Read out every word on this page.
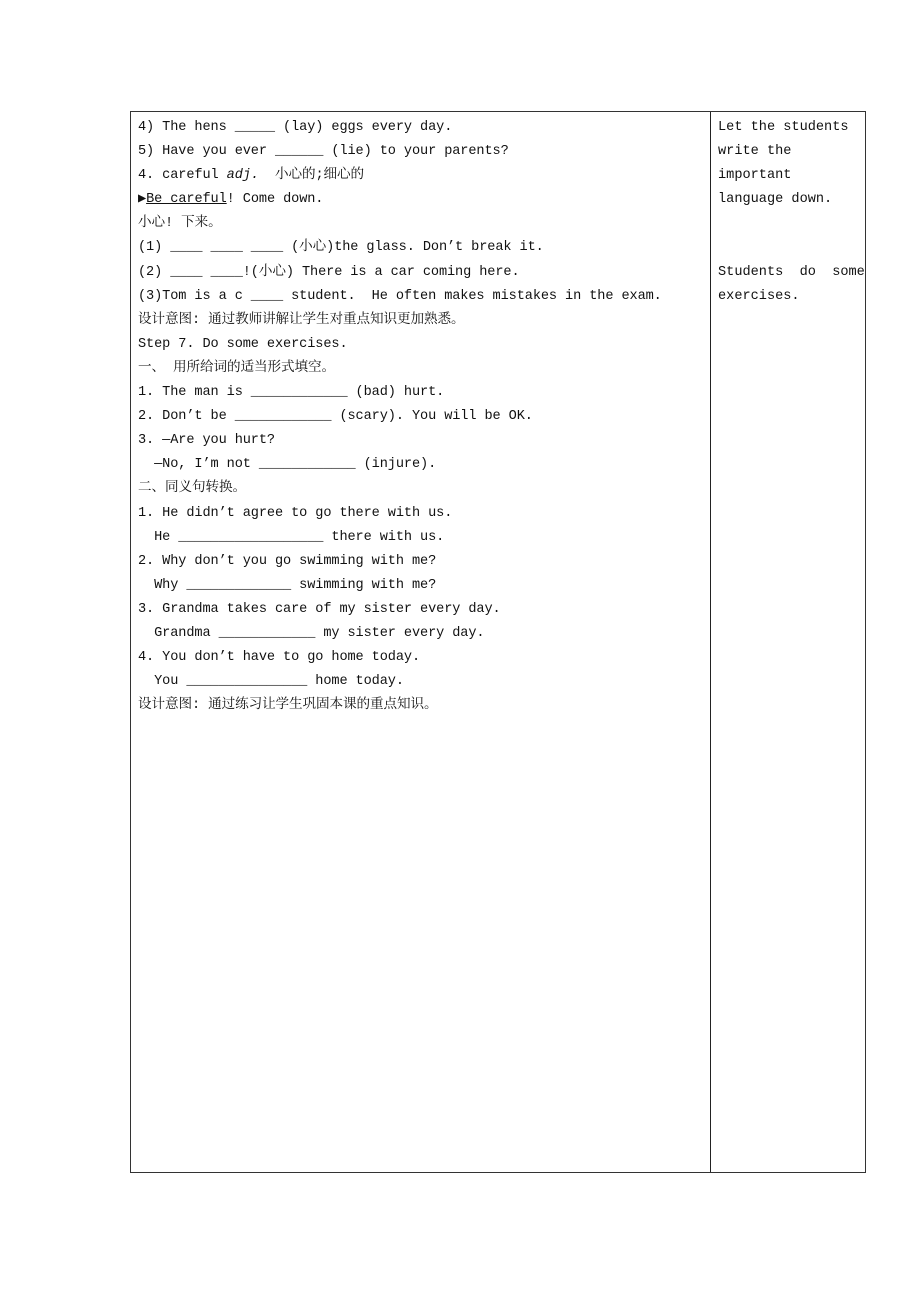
4) The hens _____ (lay) eggs every day.
5) Have you ever ______ (lie) to your parents?
4. careful adj.  小心的;细心的
▶Be careful! Come down.
小心! 下来。
(1) ____ ____ ____ (小心)the glass. Don’t break it.
(2) ____ ____!(小心) There is a car coming here.
(3)Tom is a c ____ student.  He often makes mistakes in the exam.
设计意图: 通过教师讲解让学生对重点知识更加熟悉。
Step 7. Do some exercises.
一、 用所给词的适当形式填空。
1. The man is ____________ (bad) hurt.
2. Don’t be ____________ (scary). You will be OK.
3. —Are you hurt?
—No, I’m not ____________ (injure).
二、同义句转换。
1. He didn’t agree to go there with us.
He __________________ there with us.
2. Why don’t you go swimming with me?
Why _____________ swimming with me?
3. Grandma takes care of my sister every day.
Grandma ____________ my sister every day.
4. You don’t have to go home today.
You _______________ home today.
设计意图: 通过练习让学生巩固本课的重点知识。
Let the students
write the
important
language down.
Students  do  some
exercises.
